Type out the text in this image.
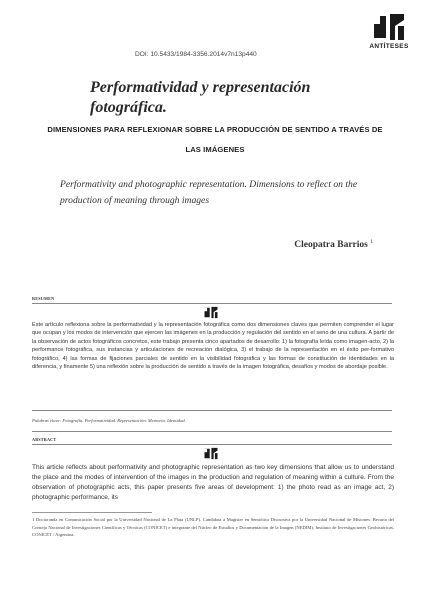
ANTÍTESES
DOI: 10.5433/1984-3356.2014v7n13p440
Performatividad y representación fotográfica.
DIMENSIONES PARA REFLEXIONAR SOBRE LA PRODUCCIÓN DE SENTIDO A TRAVÉS DE LAS IMÁGENES
Performativity and photographic representation. Dimensions to reflect on the production of meaning through images
Cleopatra Barrios $^1$
RESUMEN
Este artículo reflexiona sobre la performatividad y la representación fotográfica como dos dimensiones claves que permiten comprender el lugar que ocupan y los modos de intervención que ejercen las imágenes en la producción y regulación del sentido en el seno de una cultura. A partir de la observación de actos fotográficos concretos, este trabajo presenta cinco apartados de desarrollo: 1) la fotografía leída como imagen-acto, 2) la performance fotográfica, sus instancias y articulaciones de recreación dialógica, 3) el trabajo de la representación en el éxito per-formativo fotográfico, 4) las formas de fijaciones parciales de sentido en la visibilidad fotográfica y las formas de constitución de identidades en la diferencia, y finamente 5) una reflexión sobre la producción de sentido a través de la imagen fotográfica, desafíos y modos de abordaje posible.
Palabras clave: Fotografía. Performatividad. Representación. Memoria. Identidad.
ABSTRACT
This article reflects about performativity and photographic representation as two key dimensions that allow us to understand the place and the modes of intervention of the images in the production and regulation of meaning within a culture. From the observation of photographic acts, this paper presents five areas of development: 1) the photo read as an image act, 2) photographic performance, its
1 Doctoranda en Comunicación Social por la Universidad Nacional de La Plata (UNLP). Candidata a Magíster en Semiótica Discursiva por la Universidad Nacional de Misiones. Becaria del Consejo Nacional de Investigaciones Científicas y Técnicas (CONICET) e integrante del Núcleo de Estudios y Documentación de la Imagen (NEDIM), Instituto de Investigaciones Geohistóricas, CONICET / Argentina.
